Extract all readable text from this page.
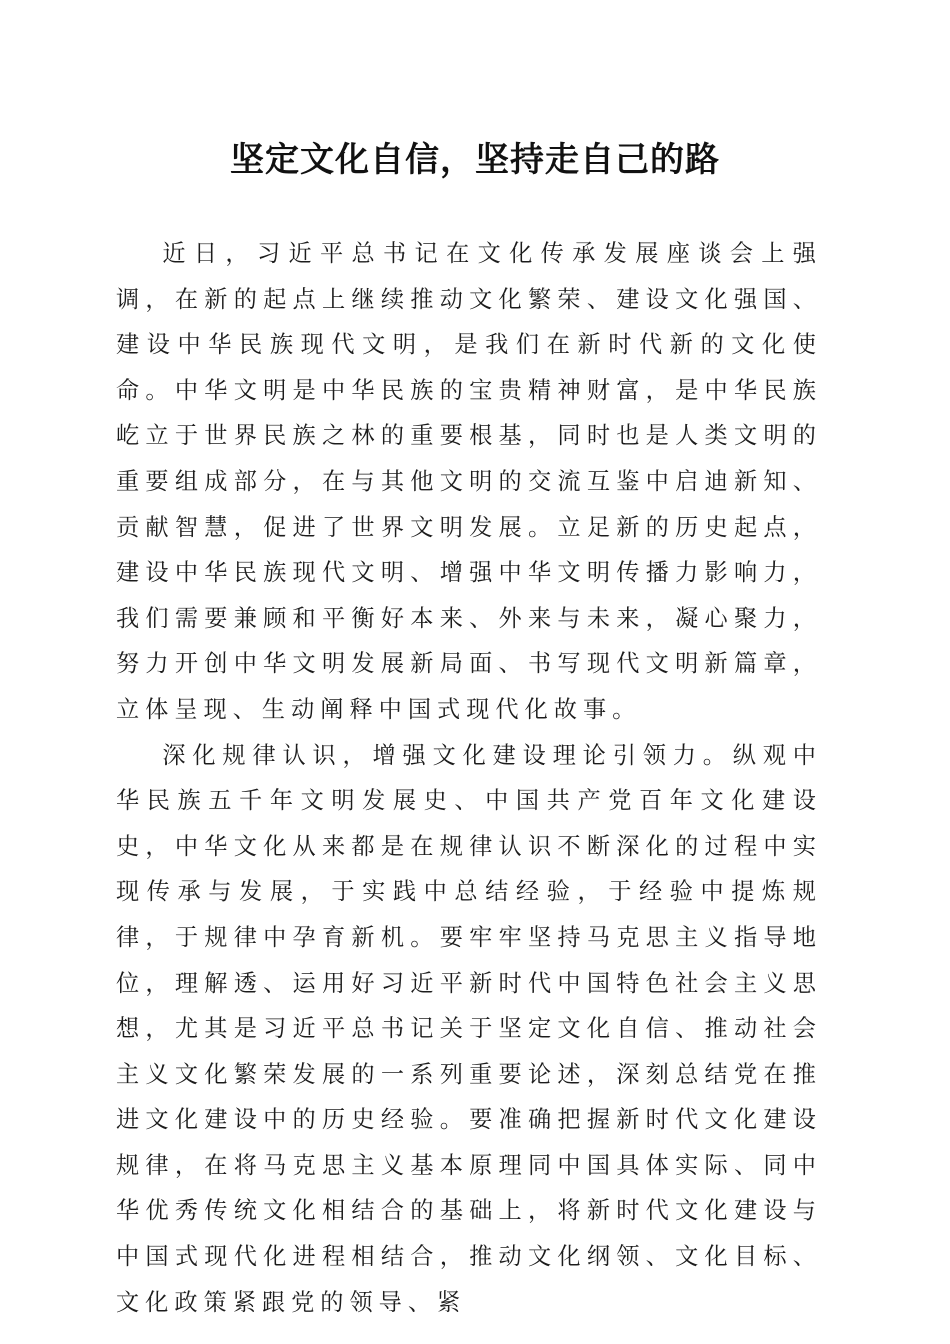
坚定文化自信，坚持走自己的路

近日，习近平总书记在文化传承发展座谈会上强调，在新的起点上继续推动文化繁荣、建设文化强国、建设中华民族现代文明，是我们在新时代新的文化使命。中华文明是中华民族的宝贵精神财富，是中华民族屹立于世界民族之林的重要根基，同时也是人类文明的重要组成部分，在与其他文明的交流互鉴中启迪新知、贡献智慧，促进了世界文明发展。立足新的历史起点，建设中华民族现代文明、增强中华文明传播力影响力，我们需要兼顾和平衡好本来、外来与未来，凝心聚力，努力开创中华文明发展新局面、书写现代文明新篇章，立体呈现、生动阐释中国式现代化故事。

深化规律认识，增强文化建设理论引领力。纵观中华民族五千年文明发展史、中国共产党百年文化建设史，中华文化从来都是在规律认识不断深化的过程中实现传承与发展，于实践中总结经验，于经验中提炼规律，于规律中孕育新机。要牢牢坚持马克思主义指导地位，理解透、运用好习近平新时代中国特色社会主义思想，尤其是习近平总书记关于坚定文化自信、推动社会主义文化繁荣发展的一系列重要论述，深刻总结党在推进文化建设中的历史经验。要准确把握新时代文化建设规律，在将马克思主义基本原理同中国具体实际、同中华优秀传统文化相结合的基础上，将新时代文化建设与中国式现代化进程相结合，推动文化纲领、文化目标、文化政策紧跟党的领导、紧
